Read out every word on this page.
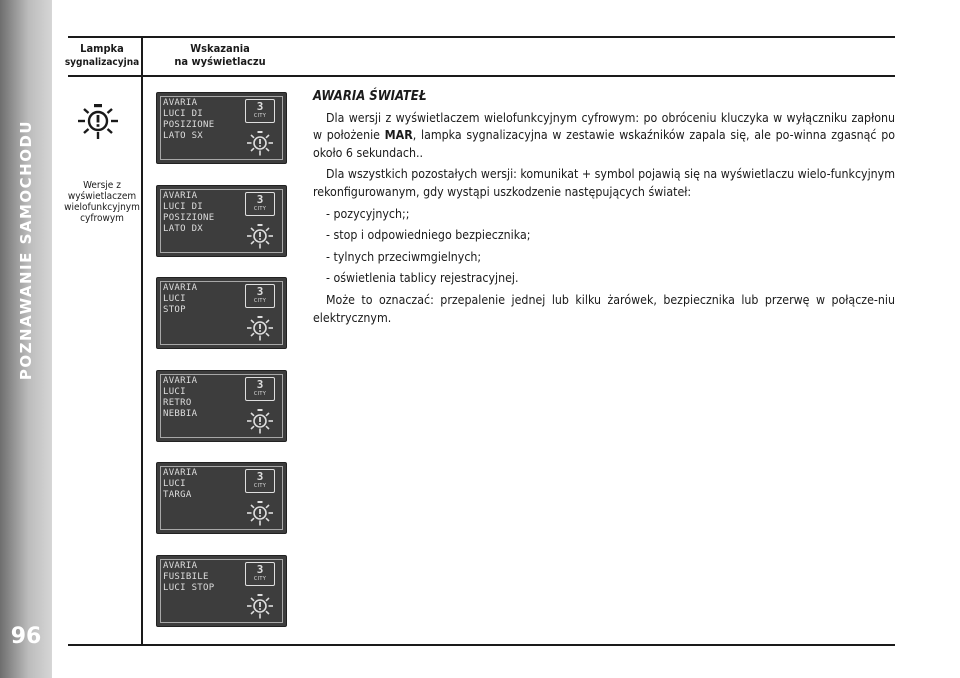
POZNAWANIE SAMOCHODU
96
Lampka
sygnalizacyjna
Wskazania
na wyświetlaczu
Wersje z
wyświetlaczem
wielofunkcyjnym
cyfrowym
AVARIA
LUCI DI
POSIZIONE
LATO SX
3
CITY
AVARIA
LUCI DI
POSIZIONE
LATO DX
3
CITY
AVARIA
LUCI
STOP
3
CITY
AVARIA
LUCI
RETRO
NEBBIA
3
CITY
AVARIA
LUCI
TARGA
3
CITY
AVARIA
FUSIBILE
LUCI STOP
3
CITY
AWARIA ŚWIATEŁ

Dla wersji z wyświetlaczem wielofunkcyjnym cyfrowym: po obróceniu kluczyka w wyłączniku zapłonu w położenie MAR, lampka sygnalizacyjna w zestawie wskaźników zapala się, ale po-winna zgasnąć po około 6 sekundach..

Dla wszystkich pozostałych wersji: komunikat + symbol pojawią się na wyświetlaczu wielo-funkcyjnym rekonfigurowanym, gdy wystąpi uszkodzenie następujących świateł:

- pozycyjnych;;
- stop i odpowiedniego bezpiecznika;
- tylnych przeciwmgielnych;
- oświetlenia tablicy rejestracyjnej.

Może to oznaczać: przepalenie jednej lub kilku żarówek, bezpiecznika lub przerwę w połącze-niu elektrycznym.
